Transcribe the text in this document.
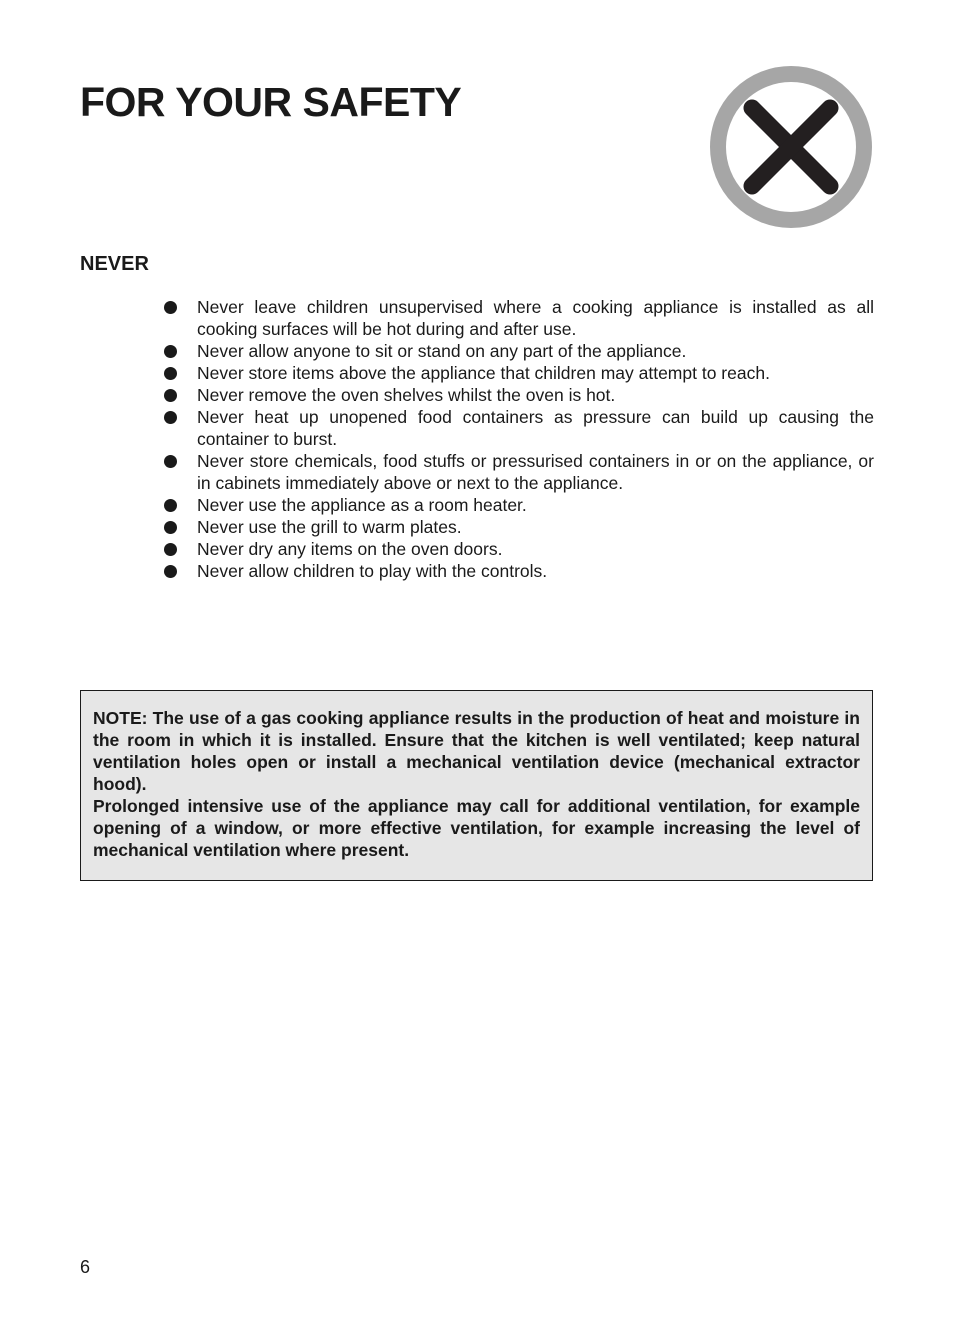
FOR YOUR SAFETY
NEVER
Never leave children unsupervised where a cooking appliance is installed as all cooking surfaces will be hot during and after use.
Never allow anyone to sit or stand on any part of the appliance.
Never store items above the appliance that children may attempt to reach.
Never remove the oven shelves whilst the oven is hot.
Never heat up unopened food containers as pressure can build up causing the container to burst.
Never store chemicals, food stuffs or pressurised containers in or on the appliance, or in cabinets immediately above or next to the appliance.
Never use the appliance as a room heater.
Never use the grill to warm plates.
Never dry any items on the oven doors.
Never allow children to play with the controls.

NOTE: The use of a gas cooking appliance results in the production of heat and moisture in the room in which it is installed. Ensure that the kitchen is well ventilated; keep natural ventilation holes open or install a mechanical ventilation device (mechanical extractor hood).

Prolonged intensive use of the appliance may call for additional ventilation, for example opening of a window, or more effective ventilation, for example increasing the level of mechanical ventilation where present.

6
